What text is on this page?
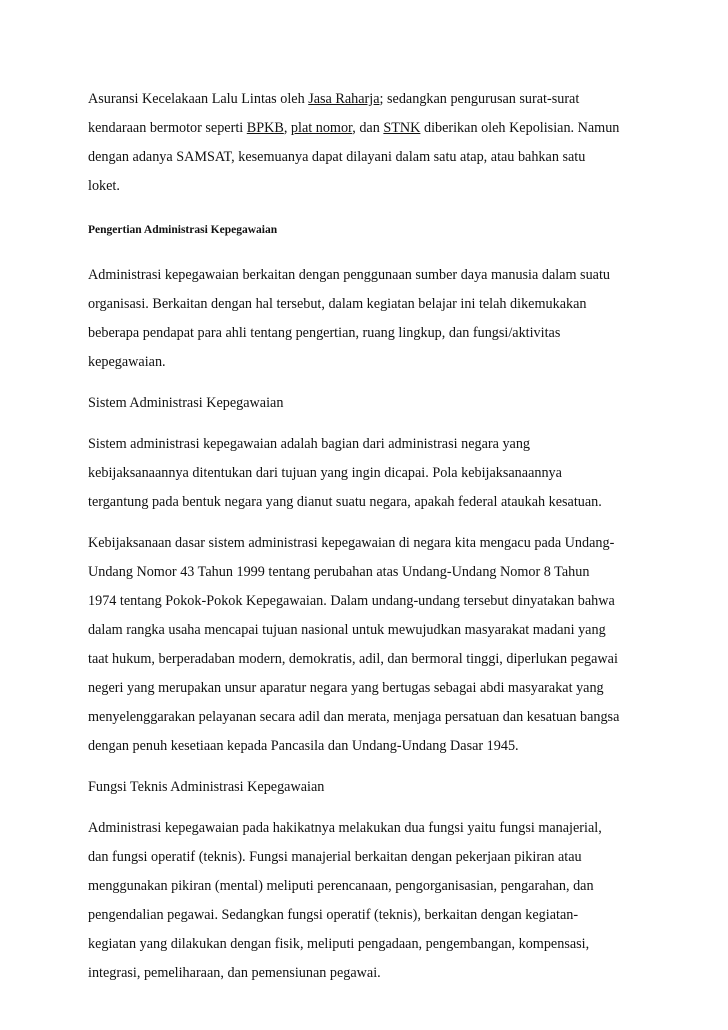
Asuransi Kecelakaan Lalu Lintas oleh Jasa Raharja; sedangkan pengurusan surat-surat
kendaraan bermotor seperti BPKB, plat nomor, dan STNK diberikan oleh Kepolisian. Namun
dengan adanya SAMSAT, kesemuanya dapat dilayani dalam satu atap, atau bahkan satu
loket.
Pengertian Administrasi Kepegawaian
Administrasi kepegawaian berkaitan dengan penggunaan sumber daya manusia dalam suatu
organisasi. Berkaitan dengan hal tersebut, dalam kegiatan belajar ini telah dikemukakan
beberapa pendapat para ahli tentang pengertian, ruang lingkup, dan fungsi/aktivitas
kepegawaian.
Sistem Administrasi Kepegawaian
Sistem administrasi kepegawaian adalah bagian dari administrasi negara yang
kebijaksanaannya ditentukan dari tujuan yang ingin dicapai. Pola kebijaksanaannya
tergantung pada bentuk negara yang dianut suatu negara, apakah federal ataukah kesatuan.
Kebijaksanaan dasar sistem administrasi kepegawaian di negara kita mengacu pada Undang-
Undang Nomor 43 Tahun 1999 tentang perubahan atas Undang-Undang Nomor 8 Tahun
1974 tentang Pokok-Pokok Kepegawaian. Dalam undang-undang tersebut dinyatakan bahwa
dalam rangka usaha mencapai tujuan nasional untuk mewujudkan masyarakat madani yang
taat hukum, berperadaban modern, demokratis, adil, dan bermoral tinggi, diperlukan pegawai
negeri yang merupakan unsur aparatur negara yang bertugas sebagai abdi masyarakat yang
menyelenggarakan pelayanan secara adil dan merata, menjaga persatuan dan kesatuan bangsa
dengan penuh kesetiaan kepada Pancasila dan Undang-Undang Dasar 1945.
Fungsi Teknis Administrasi Kepegawaian
Administrasi kepegawaian pada hakikatnya melakukan dua fungsi yaitu fungsi manajerial,
dan fungsi operatif (teknis). Fungsi manajerial berkaitan dengan pekerjaan pikiran atau
menggunakan pikiran (mental) meliputi perencanaan, pengorganisasian, pengarahan, dan
pengendalian pegawai. Sedangkan fungsi operatif (teknis), berkaitan dengan kegiatan-
kegiatan yang dilakukan dengan fisik, meliputi pengadaan, pengembangan, kompensasi,
integrasi, pemeliharaan, dan pemensiunan pegawai.
